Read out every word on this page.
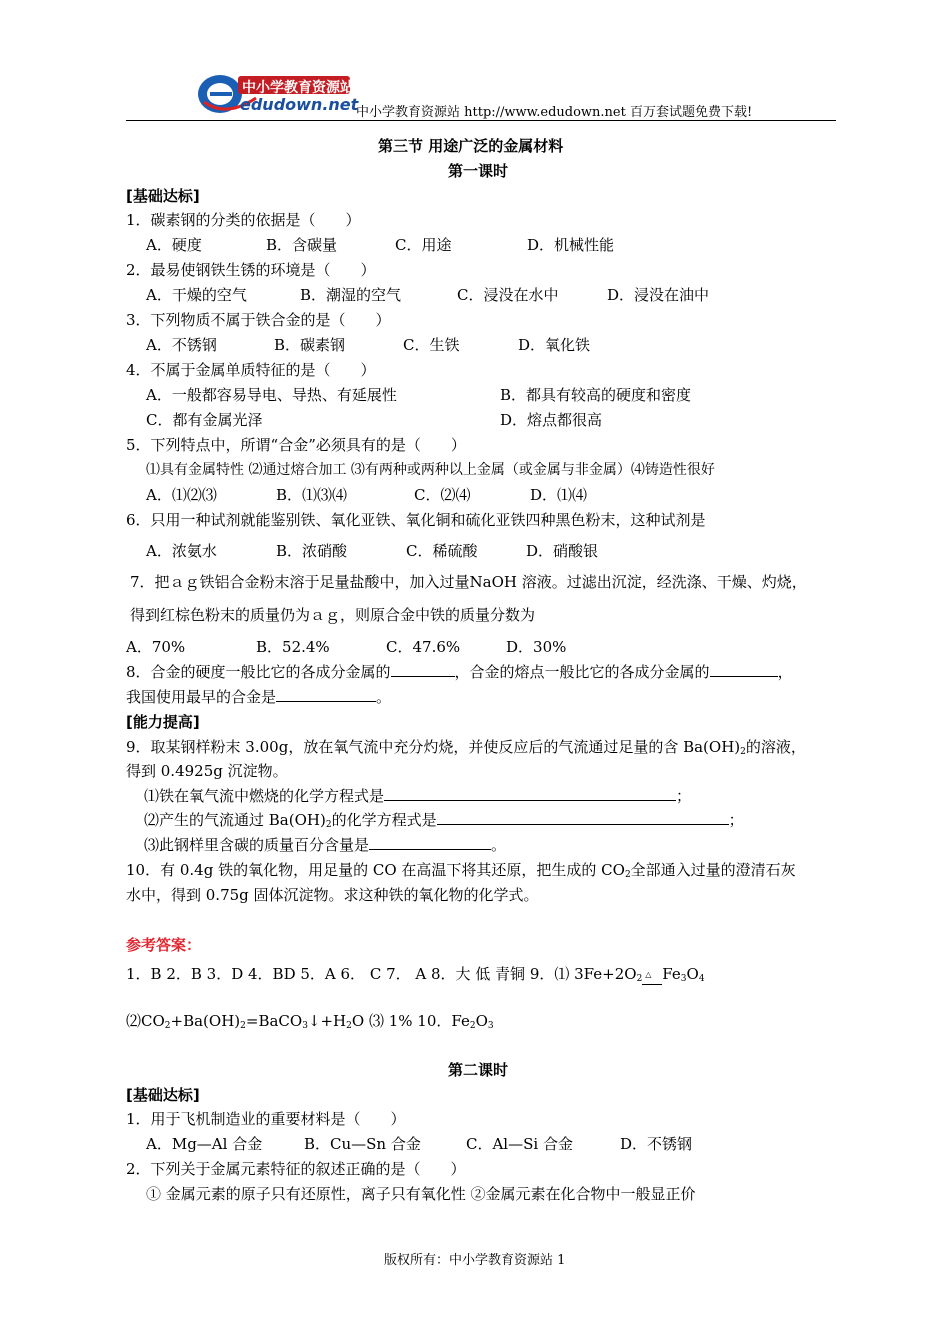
中小学教育资源站
edudown.net
中小学教育资源站 http://www.edudown.net 百万套试题免费下载!
第三节 用途广泛的金属材料
第一课时
[基础达标]
1．碳素钢的分类的依据是（　　）
A．硬度	B．含碳量	C．用途	D．机械性能
2．最易使钢铁生锈的环境是（　　）
A．干燥的空气	B．潮湿的空气	C．浸没在水中	D．浸没在油中
3．下列物质不属于铁合金的是（　　）
A．不锈钢	B．碳素钢	C．生铁	D．氧化铁
4．不属于金属单质特征的是（　　）
A．一般都容易导电、导热、有延展性	B．都具有较高的硬度和密度
C．都有金属光泽	D．熔点都很高
5．下列特点中，所谓“合金”必须具有的是（　　）
⑴具有金属特性 ⑵通过熔合加工 ⑶有两种或两种以上金属（或金属与非金属）⑷铸造性很好
A．⑴⑵⑶	B．⑴⑶⑷	C．⑵⑷	D．⑴⑷
6．只用一种试剂就能鉴别铁、氧化亚铁、氧化铜和硫化亚铁四种黑色粉末，这种试剂是
A．浓氨水	B．浓硝酸	C．稀硫酸	D．硝酸银
7．把ａｇ铁铝合金粉末溶于足量盐酸中，加入过量NaOH 溶液。过滤出沉淀，经洗涤、干燥、灼烧，
得到红棕色粉末的质量仍为ａｇ，则原合金中铁的质量分数为
A．70%	B．52.4%	C．47.6%	D．30%
8．合金的硬度一般比它的各成分金属的	，合金的熔点一般比它的各成分金属的	，
我国使用最早的合金是	。
[能力提高]
9．取某钢样粉末 3.00g，放在氧气流中充分灼烧，并使反应后的气流通过足量的含 $Ba(OH)_2$的溶液，
得到 0.4925g 沉淀物。
⑴铁在氧气流中燃烧的化学方程式是	；
⑵产生的气流通过 $Ba(OH)_2$的化学方程式是	；
⑶此钢样里含碳的质量百分含量是	。
10．有 0.4g 铁的氧化物，用足量的 CO 在高温下将其还原，把生成的 $CO_2$全部通入过量的澄清石灰
水中，得到 0.75g 固体沉淀物。求这种铁的氧化物的化学式。
参考答案：
1．B 2．B 3．D 4．BD 5．A 6． C 7． A 8．大 低 青铜 9．⑴ $3Fe+2O_2$ △ $Fe_3O_4$
$⑵CO_2+Ba(OH)_2=BaCO_3↓+H_2O$ ⑶ 1% 10．$Fe_2O_3$
第二课时
[基础达标]
1．用于飞机制造业的重要材料是（　　）
A．Mg—Al 合金	B．Cu—Sn 合金	C．Al—Si 合金	D．不锈钢
2．下列关于金属元素特征的叙述正确的是（　　）
① 金属元素的原子只有还原性，离子只有氧化性 ②金属元素在化合物中一般显正价
版权所有：中小学教育资源站 1
